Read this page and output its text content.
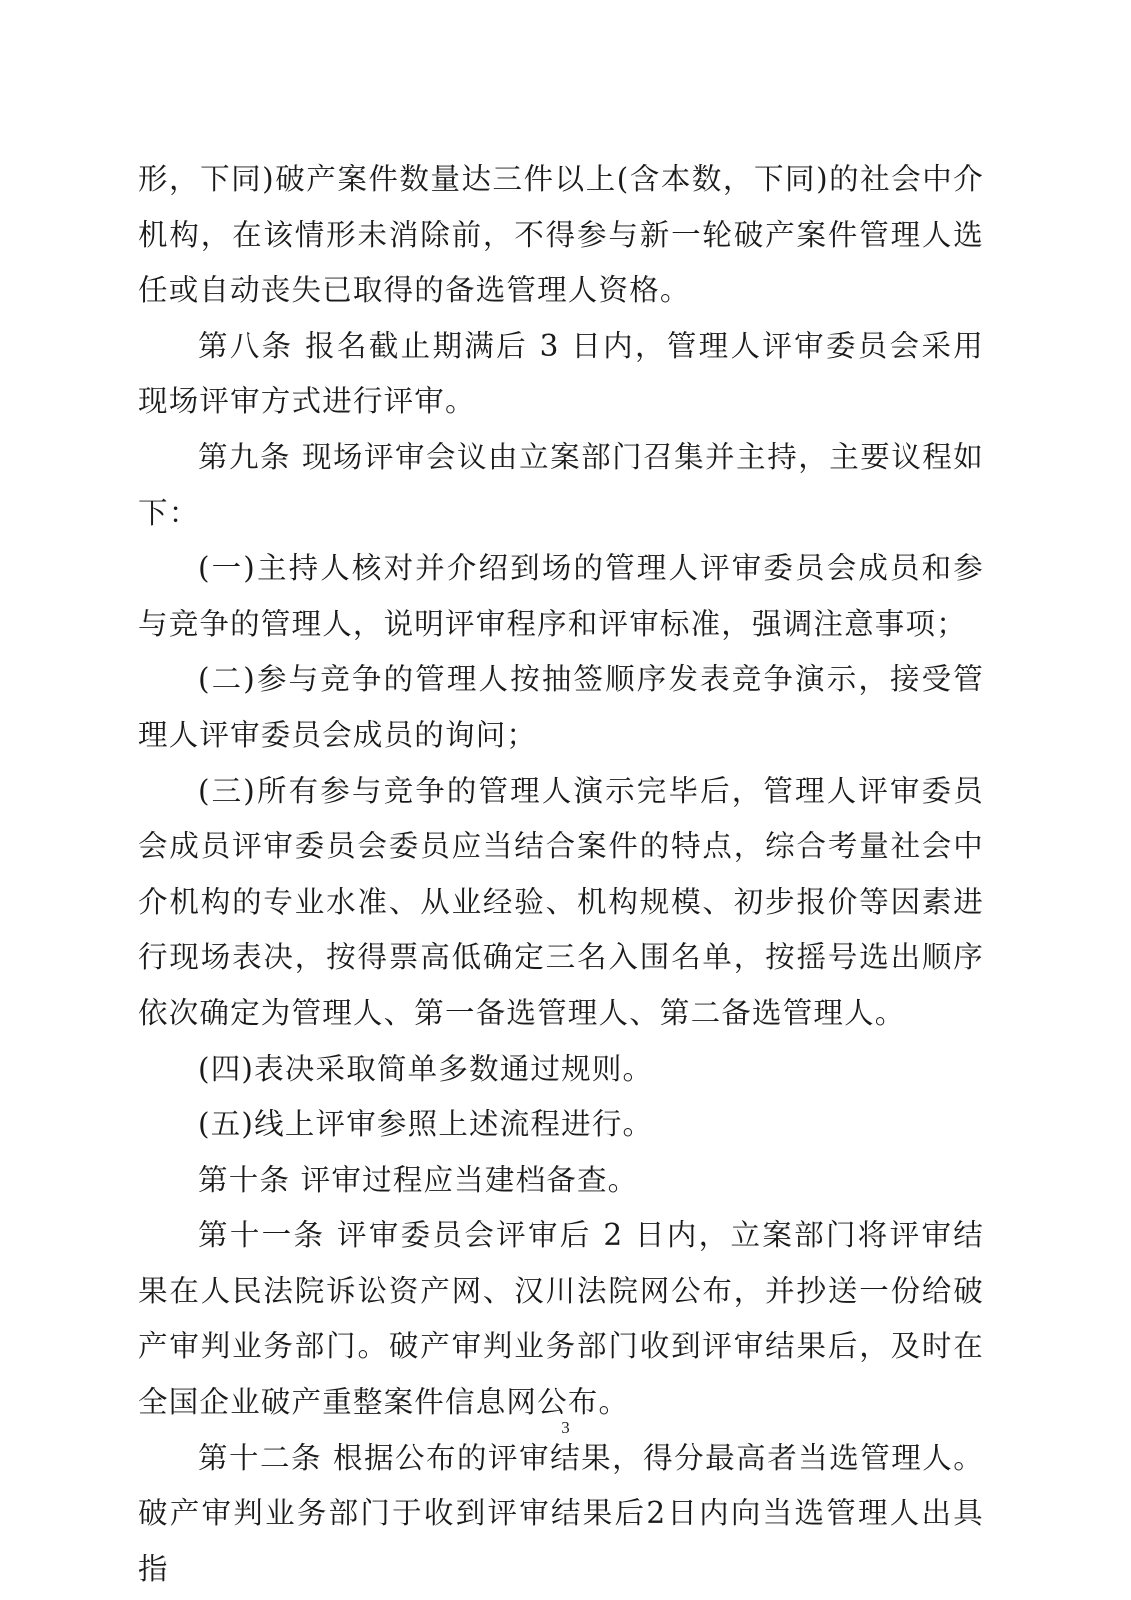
形，下同)破产案件数量达三件以上(含本数，下同)的社会中介机构，在该情形未消除前，不得参与新一轮破产案件管理人选任或自动丧失已取得的备选管理人资格。

第八条 报名截止期满后 3 日内，管理人评审委员会采用现场评审方式进行评审。

第九条 现场评审会议由立案部门召集并主持，主要议程如下：

(一)主持人核对并介绍到场的管理人评审委员会成员和参与竞争的管理人，说明评审程序和评审标准，强调注意事项；

(二)参与竞争的管理人按抽签顺序发表竞争演示，接受管理人评审委员会成员的询问；

(三)所有参与竞争的管理人演示完毕后，管理人评审委员会成员评审委员会委员应当结合案件的特点，综合考量社会中介机构的专业水准、从业经验、机构规模、初步报价等因素进行现场表决，按得票高低确定三名入围名单，按摇号选出顺序依次确定为管理人、第一备选管理人、第二备选管理人。

(四)表决采取简单多数通过规则。

(五)线上评审参照上述流程进行。

第十条 评审过程应当建档备查。

第十一条 评审委员会评审后 2 日内，立案部门将评审结果在人民法院诉讼资产网、汉川法院网公布，并抄送一份给破产审判业务部门。破产审判业务部门收到评审结果后，及时在全国企业破产重整案件信息网公布。

第十二条 根据公布的评审结果，得分最高者当选管理人。破产审判业务部门于收到评审结果后2日内向当选管理人出具指

3
